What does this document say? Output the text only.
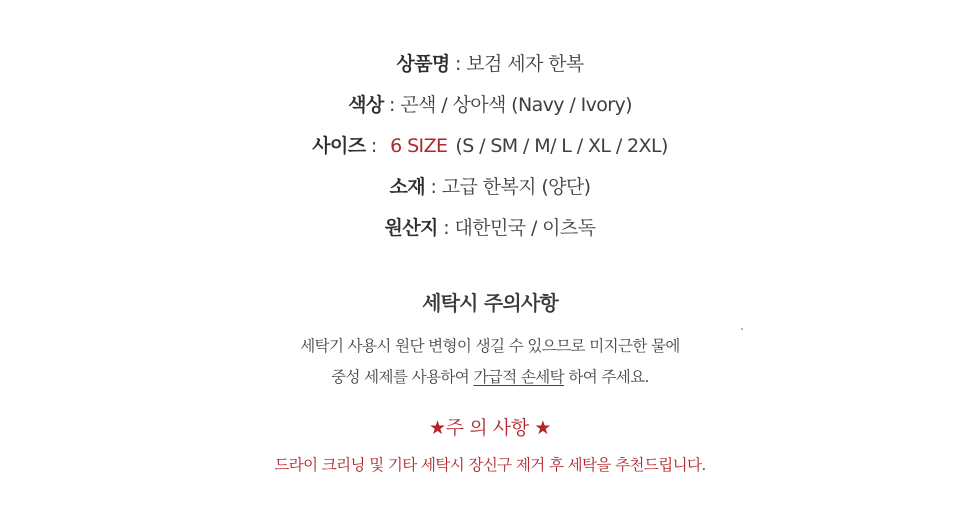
상품명 : 보검 세자 한복
색상 : 곤색 / 상아색 (Navy / Ivory)
사이즈 : 6 SIZE (S / SM / M/ L / XL / 2XL)
소재 : 고급 한복지 (양단)
원산지 : 대한민국 / 이츠독
세탁시 주의사항
세탁기 사용시 원단 변형이 생길 수 있으므로 미지근한 물에
중성 세제를 사용하여 가급적 손세탁 하여 주세요.
★주 의 사항 ★
드라이 크리닝 및 기타 세탁시 장신구 제거 후 세탁을 추천드립니다.
